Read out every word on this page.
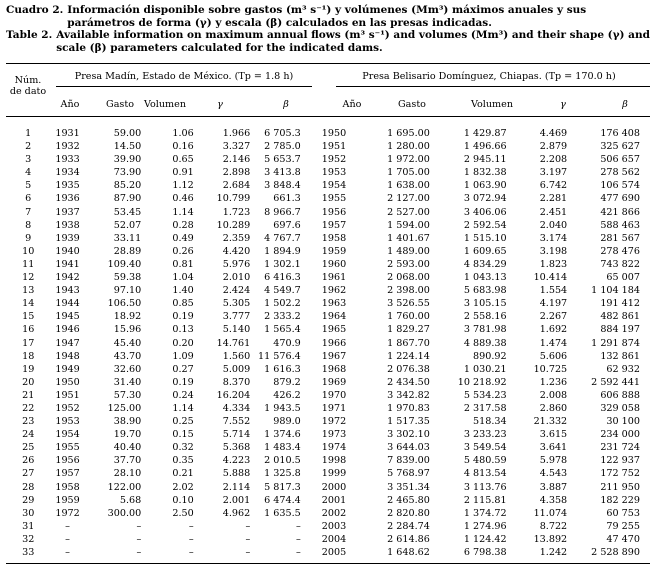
Cuadro 2. Información disponible sobre gastos (m³ s⁻¹) y volúmenes (Mm³) máximos anuales y sus parámetros de forma (γ) y escala (β) calculados en las presas indicadas.
Table 2. Available information on maximum annual flows (m³ s⁻¹) and volumes (Mm³) and their shape (γ) and scale (β) parameters calculated for the indicated dams.
Núm.
de dato
Presa Madín, Estado de México. (Tp = 1.8 h)	Presa Belisario Domínguez, Chiapas. (Tp = 170.0 h)
Año	Gasto	Volumen	γ	β	Año	Gasto	Volumen	γ	β
1	1931	59.00	1.06	1.966	6 705.3	1950	1 695.00	1 429.87	4.469	176 408
2	1932	14.50	0.16	3.327	2 785.0	1951	1 280.00	1 496.66	2.879	325 627
3	1933	39.90	0.65	2.146	5 653.7	1952	1 972.00	2 945.11	2.208	506 657
4	1934	73.90	0.91	2.898	3 413.8	1953	1 705.00	1 832.38	3.197	278 562
5	1935	85.20	1.12	2.684	3 848.4	1954	1 638.00	1 063.90	6.742	106 574
6	1936	87.90	0.46	10.799	661.3	1955	2 127.00	3 072.94	2.281	477 690
7	1937	53.45	1.14	1.723	8 966.7	1956	2 527.00	3 406.06	2.451	421 866
8	1938	52.07	0.28	10.289	697.6	1957	1 594.00	2 592.54	2.040	588 463
9	1939	33.11	0.49	2.359	4 767.7	1958	1 401.67	1 515.10	3.174	281 567
10	1940	28.89	0.26	4.420	1 894.9	1959	1 489.00	1 609.65	3.198	278 476
11	1941	109.40	0.81	5.976	1 302.1	1960	2 593.00	4 834.29	1.823	743 822
12	1942	59.38	1.04	2.010	6 416.3	1961	2 068.00	1 043.13	10.414	65 007
13	1943	97.10	1.40	2.424	4 549.7	1962	2 398.00	5 683.98	1.554	1 104 184
14	1944	106.50	0.85	5.305	1 502.2	1963	3 526.55	3 105.15	4.197	191 412
15	1945	18.92	0.19	3.777	2 333.2	1964	1 760.00	2 558.16	2.267	482 861
16	1946	15.96	0.13	5.140	1 565.4	1965	1 829.27	3 781.98	1.692	884 197
17	1947	45.40	0.20	14.761	470.9	1966	1 867.70	4 889.38	1.474	1 291 874
18	1948	43.70	1.09	1.560	11 576.4	1967	1 224.14	890.92	5.606	132 861
19	1949	32.60	0.27	5.009	1 616.3	1968	2 076.38	1 030.21	10.725	62 932
20	1950	31.40	0.19	8.370	879.2	1969	2 434.50	10 218.92	1.236	2 592 441
21	1951	57.30	0.24	16.204	426.2	1970	3 342.82	5 534.23	2.008	606 888
22	1952	125.00	1.14	4.334	1 943.5	1971	1 970.83	2 317.58	2.860	329 058
23	1953	38.90	0.25	7.552	989.0	1972	1 517.35	518.34	21.332	30 100
24	1954	19.70	0.15	5.714	1 374.6	1973	3 302.10	3 233.23	3.615	234 000
25	1955	40.40	0.32	5.368	1 483.4	1974	3 644.03	3 549.54	3.641	231 724
26	1956	37.70	0.35	4.223	2 010.5	1998	7 839.00	5 480.59	5.978	122 937
27	1957	28.10	0.21	5.888	1 325.8	1999	5 768.97	4 813.54	4.543	172 752
28	1958	122.00	2.02	2.114	5 817.3	2000	3 351.34	3 113.76	3.887	211 950
29	1959	5.68	0.10	2.001	6 474.4	2001	2 465.80	2 115.81	4.358	182 229
30	1972	300.00	2.50	4.962	1 635.5	2002	2 820.80	1 374.72	11.074	60 753
31	–	–	–	–	–	2003	2 284.74	1 274.96	8.722	79 255
32	–	–	–	–	–	2004	2 614.86	1 124.42	13.892	47 470
33	–	–	–	–	–	2005	1 648.62	6 798.38	1.242	2 528 890
